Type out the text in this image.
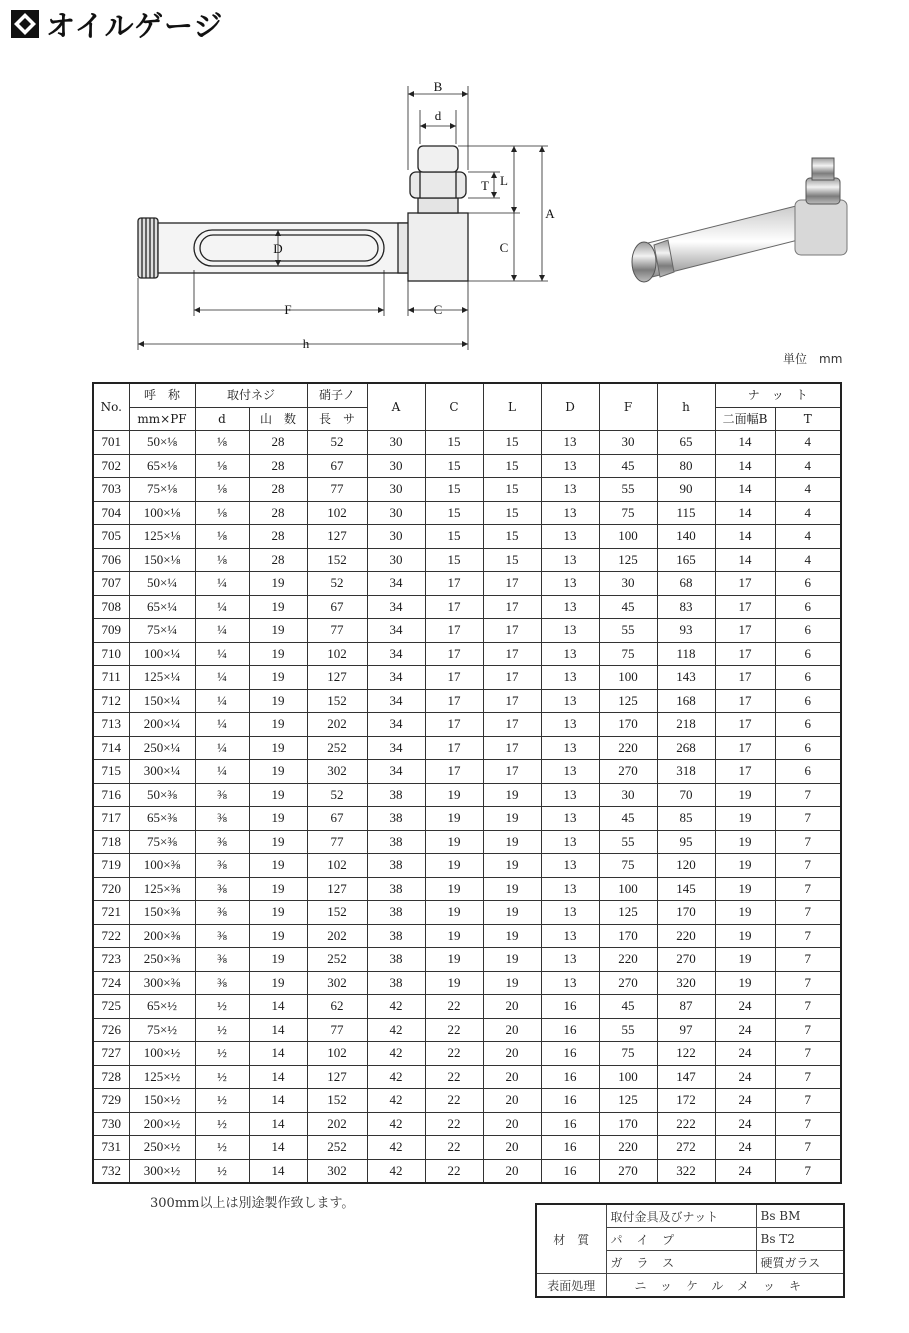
オイルゲージ
B
d
T L
A
C
D
F	C
h
単位　mm
No.	呼　称	取付ネジ		硝子ノ	A	C	L	D	F	h	ナ　ッ　ト	
	mm×PF	d	山　数	長　サ							二面幅B	T
701	50×⅛	⅛	28	52	30	15	15	13	30	65	14	4
702	65×⅛	⅛	28	67	30	15	15	13	45	80	14	4
703	75×⅛	⅛	28	77	30	15	15	13	55	90	14	4
704	100×⅛	⅛	28	102	30	15	15	13	75	115	14	4
705	125×⅛	⅛	28	127	30	15	15	13	100	140	14	4
706	150×⅛	⅛	28	152	30	15	15	13	125	165	14	4
707	50×¼	¼	19	52	34	17	17	13	30	68	17	6
708	65×¼	¼	19	67	34	17	17	13	45	83	17	6
709	75×¼	¼	19	77	34	17	17	13	55	93	17	6
710	100×¼	¼	19	102	34	17	17	13	75	118	17	6
711	125×¼	¼	19	127	34	17	17	13	100	143	17	6
712	150×¼	¼	19	152	34	17	17	13	125	168	17	6
713	200×¼	¼	19	202	34	17	17	13	170	218	17	6
714	250×¼	¼	19	252	34	17	17	13	220	268	17	6
715	300×¼	¼	19	302	34	17	17	13	270	318	17	6
716	50×⅜	⅜	19	52	38	19	19	13	30	70	19	7
717	65×⅜	⅜	19	67	38	19	19	13	45	85	19	7
718	75×⅜	⅜	19	77	38	19	19	13	55	95	19	7
719	100×⅜	⅜	19	102	38	19	19	13	75	120	19	7
720	125×⅜	⅜	19	127	38	19	19	13	100	145	19	7
721	150×⅜	⅜	19	152	38	19	19	13	125	170	19	7
722	200×⅜	⅜	19	202	38	19	19	13	170	220	19	7
723	250×⅜	⅜	19	252	38	19	19	13	220	270	19	7
724	300×⅜	⅜	19	302	38	19	19	13	270	320	19	7
725	65×½	½	14	62	42	22	20	16	45	87	24	7
726	75×½	½	14	77	42	22	20	16	55	97	24	7
727	100×½	½	14	102	42	22	20	16	75	122	24	7
728	125×½	½	14	127	42	22	20	16	100	147	24	7
729	150×½	½	14	152	42	22	20	16	125	172	24	7
730	200×½	½	14	202	42	22	20	16	170	222	24	7
731	250×½	½	14	252	42	22	20	16	220	272	24	7
732	300×½	½	14	302	42	22	20	16	270	322	24	7
300mm以上は別途製作致します。
材　質	取付金具及びナット	Bs BM
	パイプ	Bs T2
	ガラス	硬質ガラス
表面処理	ニッケルメッキ	
